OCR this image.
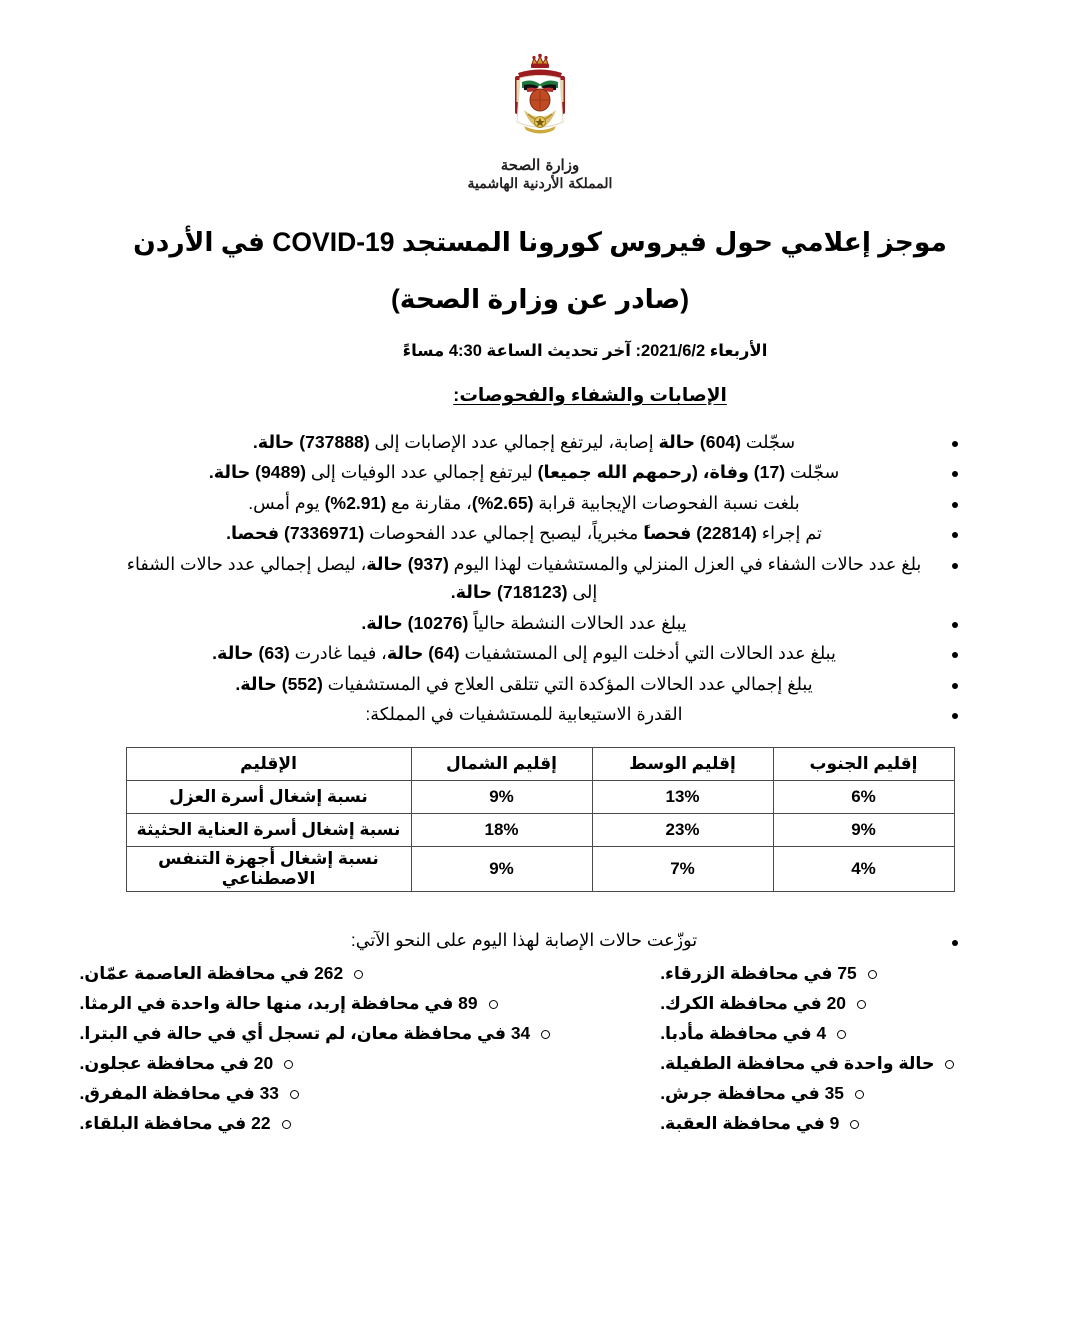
وزارة الصحة
المملكة الأردنية الهاشمية
موجز إعلامي حول فيروس كورونا المستجد COVID-19 في الأردن
(صادر عن وزارة الصحة)
الأربعاء 2021/6/2: آخر تحديث الساعة 4:30 مساءً
الإصابات والشفاء والفحوصات:
سجّلت (604) حالة إصابة، ليرتفع إجمالي عدد الإصابات إلى (737888) حالة.
سجّلت (17) وفاة، (رحمهم الله جميعا) ليرتفع إجمالي عدد الوفيات إلى (9489) حالة.
بلغت نسبة الفحوصات الإيجابية قرابة (2.65%)، مقارنة مع (2.91%) يوم أمس.
تم إجراء (22814) فحصاً مخبرياً، ليصبح إجمالي عدد الفحوصات (7336971) فحصا.
بلغ عدد حالات الشفاء في العزل المنزلي والمستشفيات لهذا اليوم (937) حالة، ليصل إجمالي عدد حالات الشفاء إلى (718123) حالة.
يبلغ عدد الحالات النشطة حالياً (10276) حالة.
يبلغ عدد الحالات التي أدخلت اليوم إلى المستشفيات (64) حالة، فيما غادرت (63) حالة.
يبلغ إجمالي عدد الحالات المؤكدة التي تتلقى العلاج في المستشفيات (552) حالة.
القدرة الاستيعابية للمستشفيات في المملكة:
إقليم الجنوب	إقليم الوسط	إقليم الشمال	الإقليم
6%	13%	9%	نسبة إشغال أسرة العزل
9%	23%	18%	نسبة إشغال أسرة العناية الحثيثة
4%	7%	9%	نسبة إشغال أجهزة التنفس الاصطناعي
توزّعت حالات الإصابة لهذا اليوم على النحو الآتي:
75 في محافظة الزرقاء.
20 في محافظة الكرك.
4 في محافظة مأدبا.
حالة واحدة في محافظة الطفيلة.
35 في محافظة جرش.
9 في محافظة العقبة.
262 في محافظة العاصمة عمّان.
89 في محافظة إربد، منها حالة واحدة في الرمثا.
34 في محافظة معان، لم تسجل أي في حالة في البترا.
20 في محافظة عجلون.
33 في محافظة المفرق.
22 في محافظة البلقاء.
